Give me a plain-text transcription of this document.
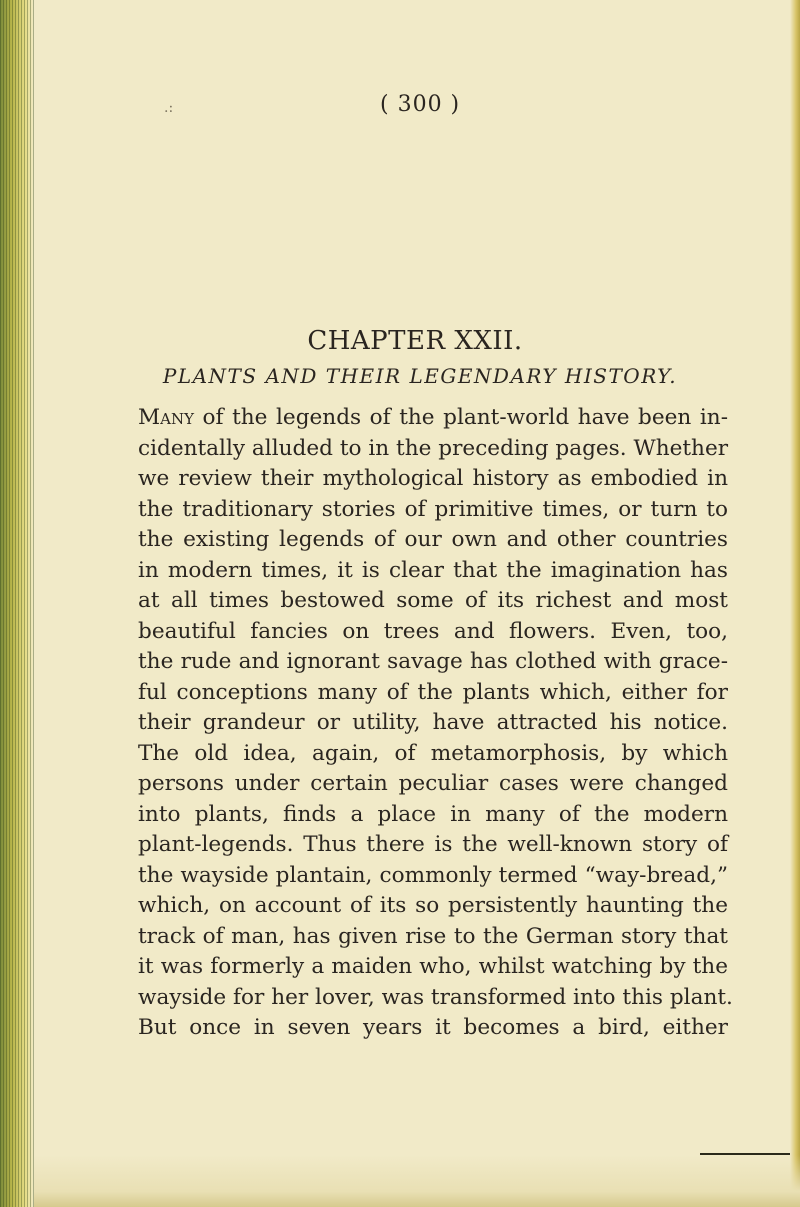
.:	( 300 )
CHAPTER XXII.
PLANTS AND THEIR LEGENDARY HISTORY.
Many of the legends of the plant-world have been in-
cidentally alluded to in the preceding pages. Whether
we review their mythological history as embodied in
the traditionary stories of primitive times, or turn to
the existing legends of our own and other countries
in modern times, it is clear that the imagination has
at all times bestowed some of its richest and most
beautiful fancies on trees and flowers. Even, too,
the rude and ignorant savage has clothed with grace-
ful conceptions many of the plants which, either for
their grandeur or utility, have attracted his notice.
The old idea, again, of metamorphosis, by which
persons under certain peculiar cases were changed
into plants, finds a place in many of the modern
plant-legends. Thus there is the well-known story of
the wayside plantain, commonly termed “way-bread,”
which, on account of its so persistently haunting the
track of man, has given rise to the German story that
it was formerly a maiden who, whilst watching by the
wayside for her lover, was transformed into this plant.
But once in seven years it becomes a bird, either
